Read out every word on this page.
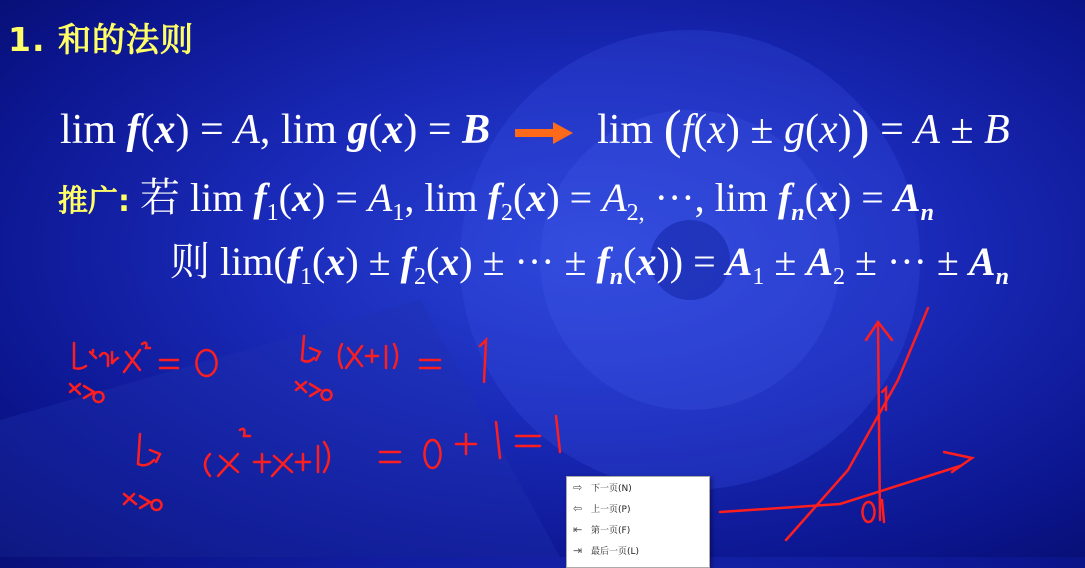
1. 和的法则
lim f(x) = A, lim g(x) = B  lim (f(x) ± g(x)) = A ± B
推广: 若 $\lim f_1(x) = A_1$, $\lim f_2(x) = A_{2,}$ ···, $\lim f_n(x) = A_n$
则 $\lim(f_1(x) \pm f_2(x)$ ± ··· ± $f_n(x)) = A_1 \pm A_2$ ± ··· ± $A_n$
⇨ 下一页(N)
⇦ 上一页(P)
⇤ 第一页(F)
⇥ 最后一页(L)
